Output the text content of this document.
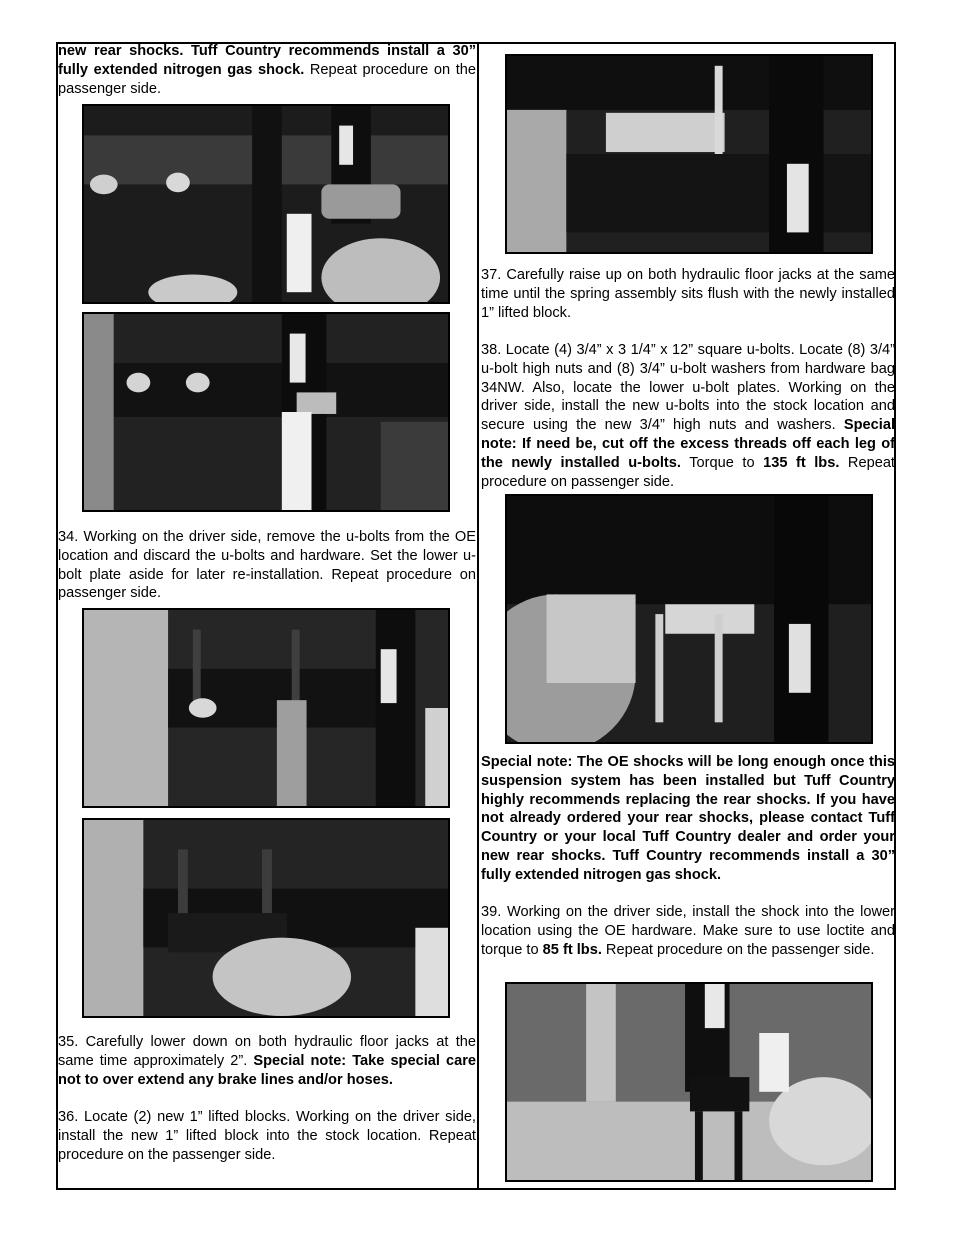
new rear shocks. Tuff Country recommends install a 30” fully extended nitrogen gas shock. Repeat procedure on the passenger side.

34. Working on the driver side, remove the u-bolts from the OE location and discard the u-bolts and hardware. Set the lower u-bolt plate aside for later re-installation. Repeat procedure on passenger side.

35. Carefully lower down on both hydraulic floor jacks at the same time approximately 2”. Special note: Take special care not to over extend any brake lines and/or hoses.

36. Locate (2) new 1” lifted blocks. Working on the driver side, install the new 1” lifted block into the stock location. Repeat procedure on the passenger side.

37. Carefully raise up on both hydraulic floor jacks at the same time until the spring assembly sits flush with the newly installed 1” lifted block.

38. Locate (4) 3/4” x 3 1/4” x 12” square u-bolts. Locate (8) 3/4” u-bolt high nuts and (8) 3/4” u-bolt washers from hardware bag 34NW. Also, locate the lower u-bolt plates. Working on the driver side, install the new u-bolts into the stock location and secure using the new 3/4” high nuts and washers. Special note: If need be, cut off the excess threads off each leg of the newly installed u-bolts. Torque to 135 ft lbs. Repeat procedure on passenger side.

Special note: The OE shocks will be long enough once this suspension system has been installed but Tuff Country highly recommends replacing the rear shocks. If you have not already ordered your rear shocks, please contact Tuff Country or your local Tuff Country dealer and order your new rear shocks. Tuff Country recommends install a 30” fully extended nitrogen gas shock.

39. Working on the driver side, install the shock into the lower location using the OE hardware. Make sure to use loctite and torque to 85 ft lbs. Repeat procedure on the passenger side.
